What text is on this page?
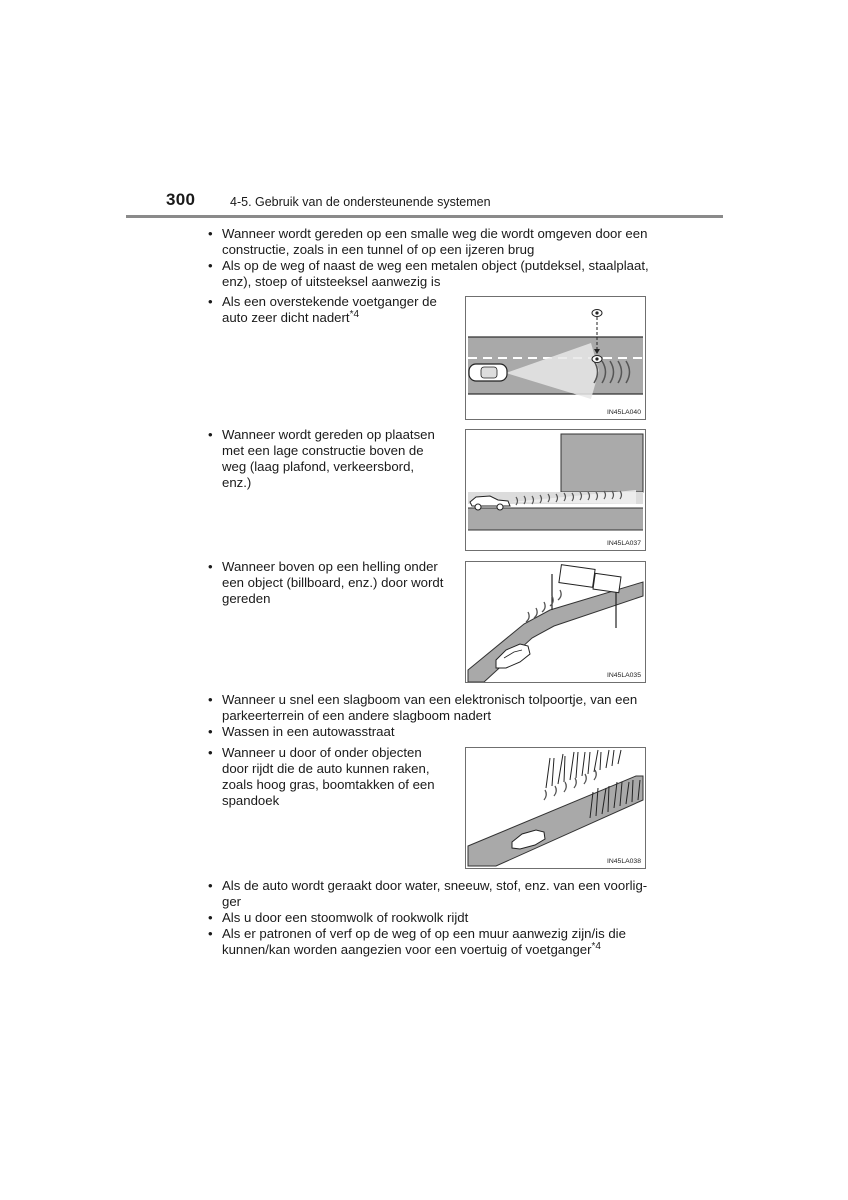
300	4-5. Gebruik van de ondersteunende systemen
• Wanneer wordt gereden op een smalle weg die wordt omgeven door een
constructie, zoals in een tunnel of op een ijzeren brug
• Als op de weg of naast de weg een metalen object (putdeksel, staalplaat,
enz), stoep of uitsteeksel aanwezig is
• Als een overstekende voetganger de
auto zeer dicht nadert$^{*4}$
IN45LA040
• Wanneer wordt gereden op plaatsen
met een lage constructie boven de
weg (laag plafond, verkeersbord,
enz.)
IN45LA037
• Wanneer boven op een helling onder
een object (billboard, enz.) door wordt
gereden
IN45LA035
• Wanneer u snel een slagboom van een elektronisch tolpoortje, van een
parkeerterrein of een andere slagboom nadert
• Wassen in een autowasstraat
• Wanneer u door of onder objecten
door rijdt die de auto kunnen raken,
zoals hoog gras, boomtakken of een
spandoek
IN45LA038
• Als de auto wordt geraakt door water, sneeuw, stof, enz. van een voorlig-
ger
• Als u door een stoomwolk of rookwolk rijdt
• Als er patronen of verf op de weg of op een muur aanwezig zijn/is die
kunnen/kan worden aangezien voor een voertuig of voetganger$^{*4}$
